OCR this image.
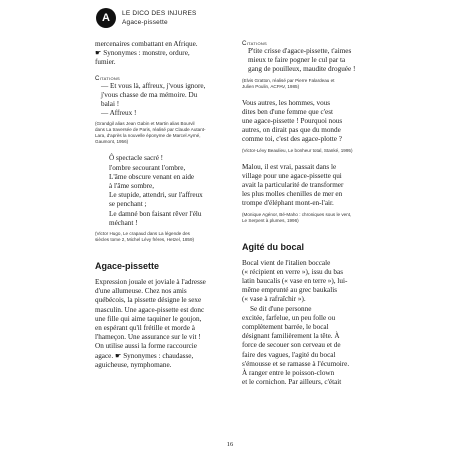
A	LE DICO DES INJURES
Agace-pissette

mercenaires combattant en Afrique.

☛ Synonymes : monstre, ordure,

fumier.

Citations

— Et vous là, affreux, j'vous ignore,

j'vous chasse de ma mémoire. Du

balai !

— Affreux !

(Grandgil alias Jean Gabin et Martin alias Bourvil
dans La traversée de Paris, réalisé par Claude Autant-
Lara, d'après la nouvelle éponyme de Marcel Aymé,
Gaumont, 1956)

Ô spectacle sacré !

l'ombre secourant l'ombre,

L'âme obscure venant en aide

à l'âme sombre,

Le stupide, attendri, sur l'affreux

se penchant ;

Le damné bon faisant rêver l'élu

méchant !

(Victor Hugo, Le crapaud dans La légende des
siècles tome 2, Michel Lévy frères, Hetzel, 1859)
Agace-pissette

Expression jouale et joviale à l'adresse

d'une allumeuse. Chez nos amis

québécois, la pissette désigne le sexe

masculin. Une agace-pissette est donc

une fille qui aime taquiner le goujon,

en espérant qu'il frétille et morde à

l'hameçon. Une assurance sur le vit !

On utilise aussi la forme raccourcie

agace. ☛ Synonymes : chaudasse,

aguicheuse, nymphomane.

Citations

P'tite crisse d'agace-pissette, t'aimes

mieux te faire pogner le cul par ta

gang de pouilleux, maudite droguée !

(Elvis Gratton, réalisé par Pierre Falardeau et
Julien Poulin, ACPAV, 1985)

Vous autres, les hommes, vous

dites ben d'une femme que c'est

une agace-pissette ! Pourquoi nous

autres, on dirait pas que du monde

comme toi, c'est des agace-plotte ?

(Victor-Lévy Beaulieu, Le bonheur total, Stanké, 1995)

Malou, il est vrai, passait dans le

village pour une agace-pissette qui

avait la particularité de transformer

les plus molles chenilles de mer en

trompe d'éléphant mont-en-l'air.

(Monique Agénor, Bé-Maho : chroniques sous le vent,
Le Serpent à plumes, 1996)
Agité du bocal

Bocal vient de l'italien boccale

(« récipient en verre »), issu du bas

latin baucalis (« vase en terre »), lui-

même emprunté au grec baukalis

(« vase à rafraîchir »).

Se dit d'une personne

excitée, farfelue, un peu folle ou

complètement barrée, le bocal

désignant familièrement la tête. À

force de secouer son cerveau et de

faire des vagues, l'agité du bocal

s'émousse et se ramasse à l'écumoire.

À ranger entre le poisson-clown

et le cornichon. Par ailleurs, c'était

16
